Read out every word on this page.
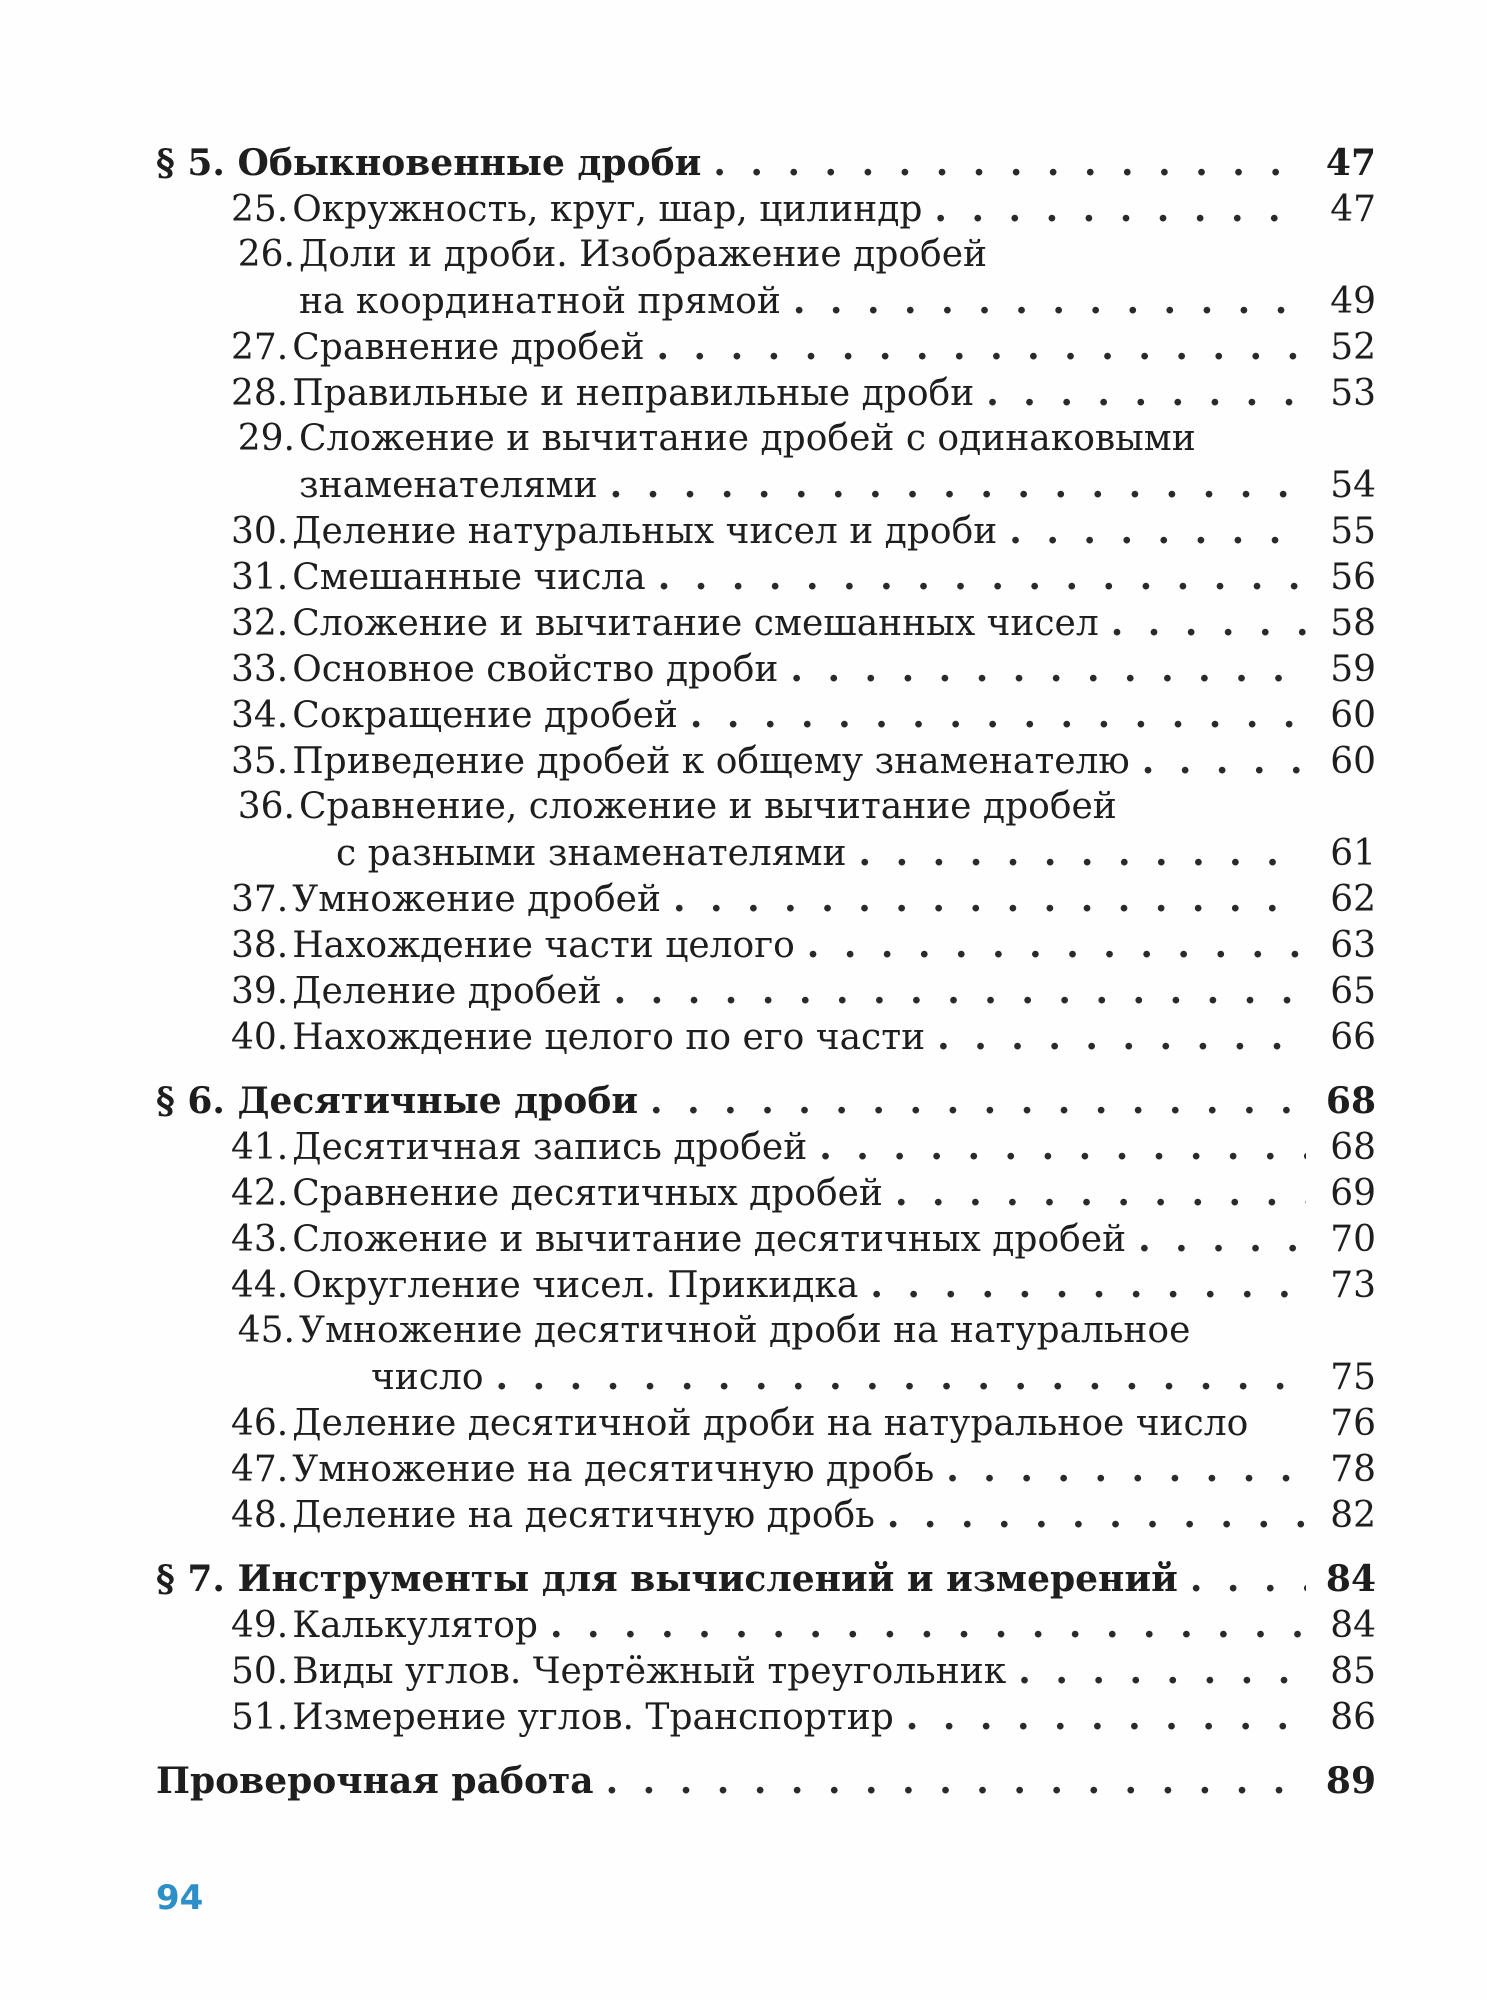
§ 5. Обыкновенные дроби . . .	47
25. Окружность, круг, шар, цилиндр . . .	47
26. Доли и дроби. Изображение дробей
на координатной прямой . . .	49
27. Сравнение дробей . . .	52
28. Правильные и неправильные дроби . . .	53
29. Сложение и вычитание дробей с одинаковыми
знаменателями . . .	54
30. Деление натуральных чисел и дроби . . .	55
31. Смешанные числа . . .	56
32. Сложение и вычитание смешанных чисел . . .	58
33. Основное свойство дроби . . .	59
34. Сокращение дробей . . .	60
35. Приведение дробей к общему знаменателю . . .	60
36. Сравнение, сложение и вычитание дробей
с разными знаменателями . . .	61
37. Умножение дробей . . .	62
38. Нахождение части целого . . .	63
39. Деление дробей . . .	65
40. Нахождение целого по его части . . .	66
§ 6. Десятичные дроби . . .	68
41. Десятичная запись дробей . . .	68
42. Сравнение десятичных дробей . . .	69
43. Сложение и вычитание десятичных дробей . . .	70
44. Округление чисел. Прикидка . . .	73
45. Умножение десятичной дроби на натуральное
число . . .	75
46. Деление десятичной дроби на натуральное число 76
47. Умножение на десятичную дробь . . .	78
48. Деление на десятичную дробь . . .	82
§ 7. Инструменты для вычислений и измерений . . .	84
49. Калькулятор . . .	84
50. Виды углов. Чертёжный треугольник . . .	85
51. Измерение углов. Транспортир . . .	86
Проверочная работа . . .	89
94
